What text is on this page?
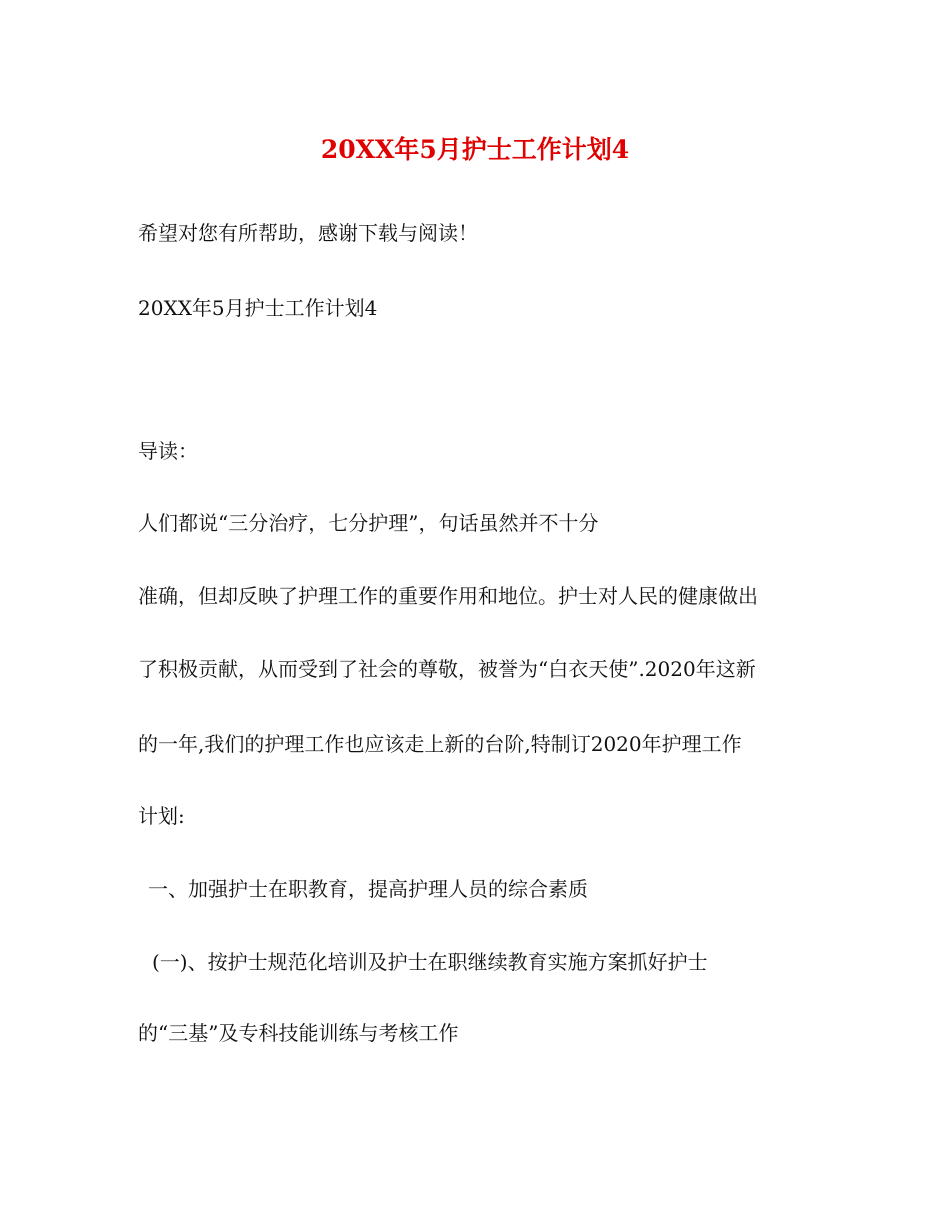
20XX年5月护士工作计划4
希望对您有所帮助，感谢下载与阅读！
20XX年5月护士工作计划4
导读：
人们都说“三分治疗，七分护理”，句话虽然并不十分
准确，但却反映了护理工作的重要作用和地位。护士对人民的健康做出
了积极贡献，从而受到了社会的尊敬，被誉为“白衣天使”.2020年这新
的一年,我们的护理工作也应该走上新的台阶,特制订2020年护理工作
计划:
一、加强护士在职教育，提高护理人员的综合素质
(一)、按护士规范化培训及护士在职继续教育实施方案抓好护士
的“三基”及专科技能训练与考核工作
